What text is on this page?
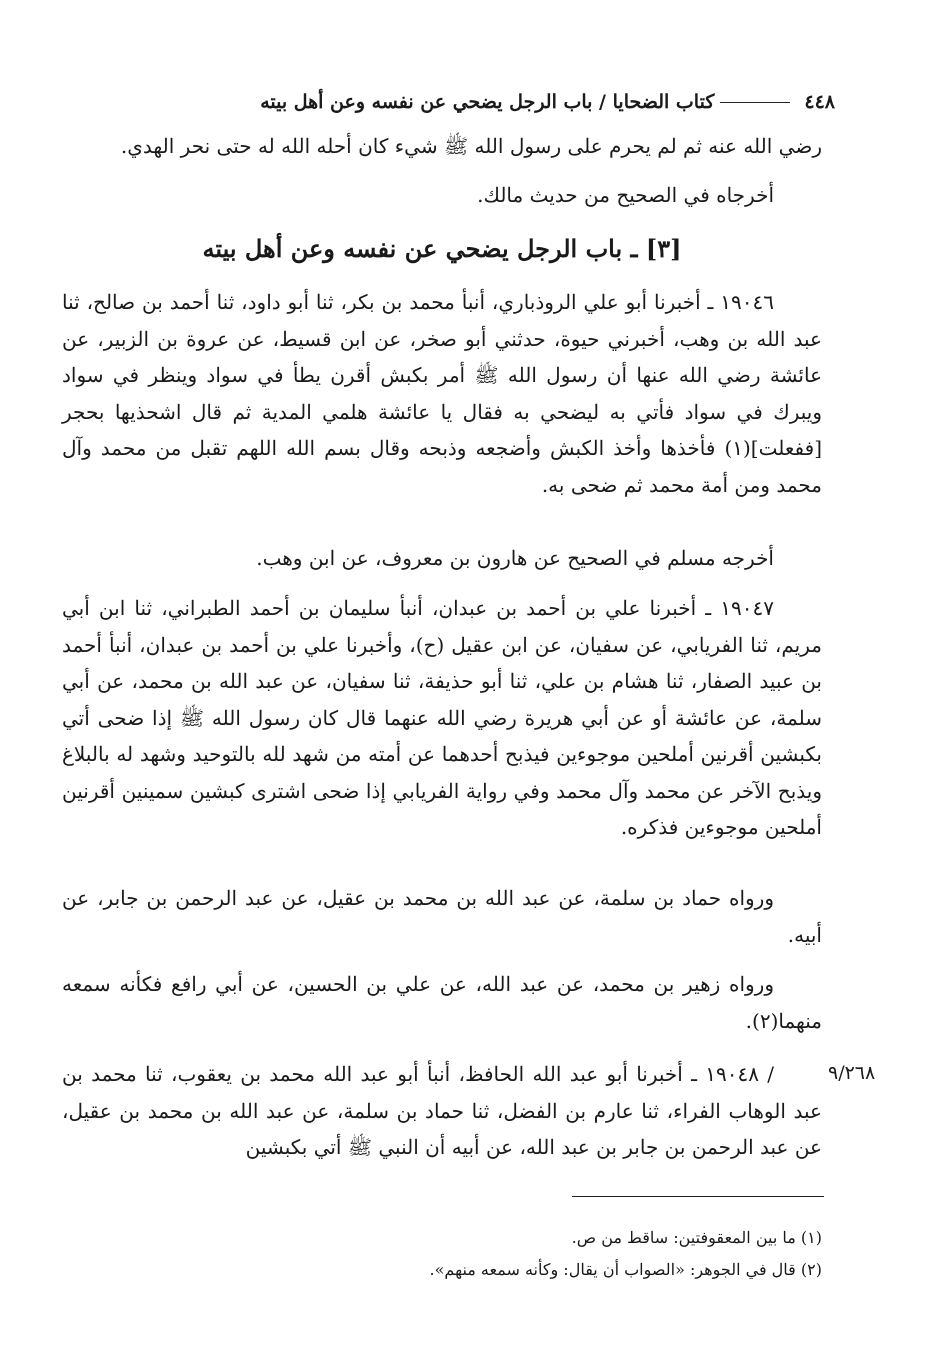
٤٤٨
كتاب الضحايا / باب الرجل يضحي عن نفسه وعن أهل بيته
رضي الله عنه ثم لم يحرم على رسول الله ﷺ شيء كان أحله الله له حتى نحر الهدي.
أخرجاه في الصحيح من حديث مالك.
[٣] ـ باب الرجل يضحي عن نفسه وعن أهل بيته
١٩٠٤٦ ـ أخبرنا أبو علي الروذباري، أنبأ محمد بن بكر، ثنا أبو داود، ثنا أحمد بن صالح، ثنا عبد الله بن وهب، أخبرني حيوة، حدثني أبو صخر، عن ابن قسيط، عن عروة بن الزبير، عن عائشة رضي الله عنها أن رسول الله ﷺ أمر بكبش أقرن يطأ في سواد وينظر في سواد ويبرك في سواد فأتي به ليضحي به فقال يا عائشة هلمي المدية ثم قال اشحذيها بحجر [ففعلت](١) فأخذها وأخذ الكبش وأضجعه وذبحه وقال بسم الله اللهم تقبل من محمد وآل محمد ومن أمة محمد ثم ضحى به.
أخرجه مسلم في الصحيح عن هارون بن معروف، عن ابن وهب.
١٩٠٤٧ ـ أخبرنا علي بن أحمد بن عبدان، أنبأ سليمان بن أحمد الطبراني، ثنا ابن أبي مريم، ثنا الفريابي، عن سفيان، عن ابن عقيل (ح)، وأخبرنا علي بن أحمد بن عبدان، أنبأ أحمد بن عبيد الصفار، ثنا هشام بن علي، ثنا أبو حذيفة، ثنا سفيان، عن عبد الله بن محمد، عن أبي سلمة، عن عائشة أو عن أبي هريرة رضي الله عنهما قال كان رسول الله ﷺ إذا ضحى أتي بكبشين أقرنين أملحين موجوءين فيذبح أحدهما عن أمته من شهد لله بالتوحيد وشهد له بالبلاغ ويذبح الآخر عن محمد وآل محمد وفي رواية الفريابي إذا ضحى اشترى كبشين سمينين أقرنين أملحين موجوءين فذكره.
ورواه حماد بن سلمة، عن عبد الله بن محمد بن عقيل، عن عبد الرحمن بن جابر، عن أبيه.
ورواه زهير بن محمد، عن عبد الله، عن علي بن الحسين، عن أبي رافع فكأنه سمعه منهما(٢).
/ ١٩٠٤٨ ـ أخبرنا أبو عبد الله الحافظ، أنبأ أبو عبد الله محمد بن يعقوب، ثنا محمد بن عبد الوهاب الفراء، ثنا عارم بن الفضل، ثنا حماد بن سلمة، عن عبد الله بن محمد بن عقيل، عن عبد الرحمن بن جابر بن عبد الله، عن أبيه أن النبي ﷺ أتي بكبشين
٩/٢٦٨
(١) ما بين المعقوفتين: ساقط من ص.
(٢) قال في الجوهر: «الصواب أن يقال: وكأنه سمعه منهم».
